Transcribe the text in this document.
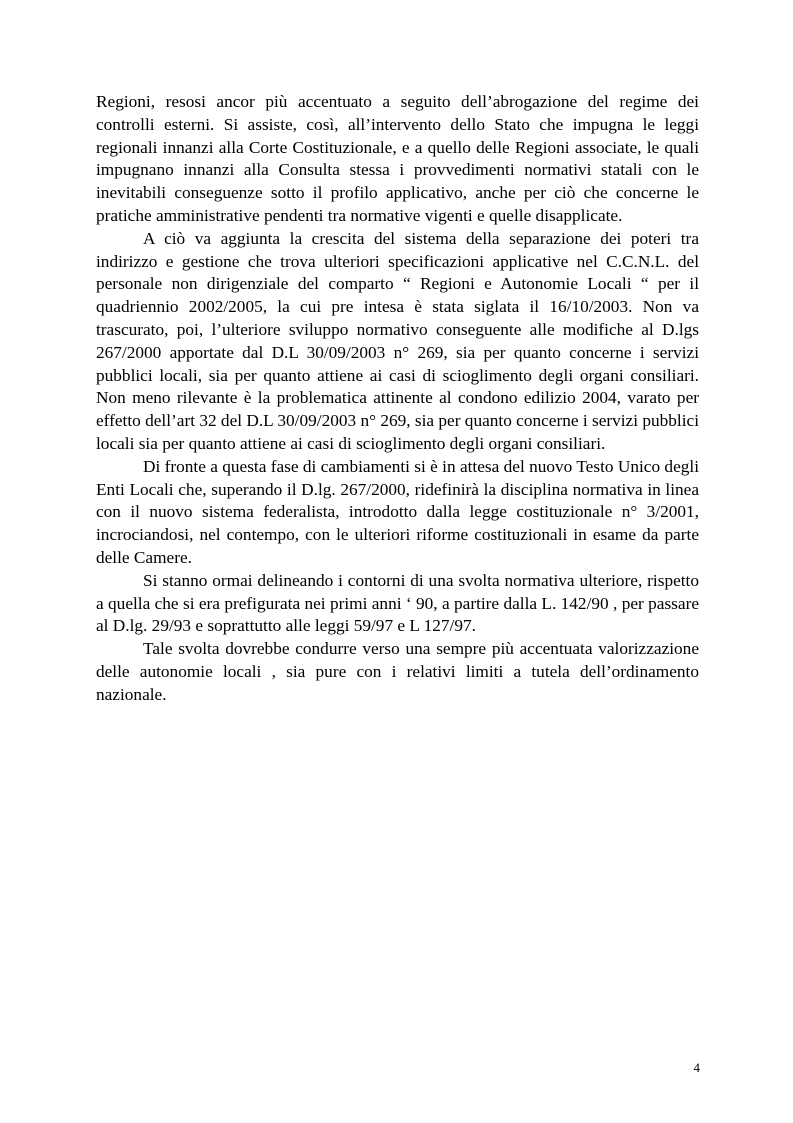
Regioni, resosi ancor più accentuato a seguito dell’abrogazione del regime dei controlli esterni. Si assiste, così, all’intervento dello Stato che impugna le leggi regionali innanzi alla Corte Costituzionale, e a quello delle Regioni associate, le quali impugnano innanzi alla Consulta stessa i provvedimenti normativi statali con le inevitabili conseguenze sotto il profilo applicativo, anche per ciò che concerne le pratiche amministrative pendenti tra normative vigenti e quelle disapplicate.

A ciò va aggiunta la crescita del sistema della separazione dei poteri tra indirizzo e gestione che trova ulteriori specificazioni applicative nel C.C.N.L. del personale non dirigenziale del comparto “ Regioni e Autonomie Locali “ per il quadriennio 2002/2005, la cui pre intesa è stata siglata il 16/10/2003. Non va trascurato, poi, l’ulteriore sviluppo normativo conseguente alle modifiche al D.lgs 267/2000 apportate dal D.L 30/09/2003 n° 269, sia per quanto concerne i servizi pubblici locali, sia per quanto attiene ai casi di scioglimento degli organi consiliari. Non meno rilevante è la problematica attinente al condono edilizio 2004, varato per effetto dell’art 32 del D.L 30/09/2003 n° 269, sia per quanto concerne i servizi pubblici locali sia per quanto attiene ai casi di scioglimento degli organi consiliari.

Di fronte a questa fase di cambiamenti si è in attesa del nuovo Testo Unico degli Enti Locali che, superando il D.lg. 267/2000, ridefinirà la disciplina normativa in linea con il nuovo sistema federalista, introdotto dalla legge costituzionale n° 3/2001, incrociandosi, nel contempo, con le ulteriori riforme costituzionali in esame da parte delle Camere.

Si stanno ormai delineando i contorni di una svolta normativa ulteriore, rispetto a quella che si era prefigurata nei primi anni ‘ 90, a partire dalla L. 142/90 , per passare al D.lg. 29/93 e soprattutto alle leggi 59/97 e L 127/97.

Tale svolta dovrebbe condurre verso una sempre più accentuata valorizzazione delle autonomie locali , sia pure con i relativi limiti a tutela dell’ordinamento nazionale.

4
